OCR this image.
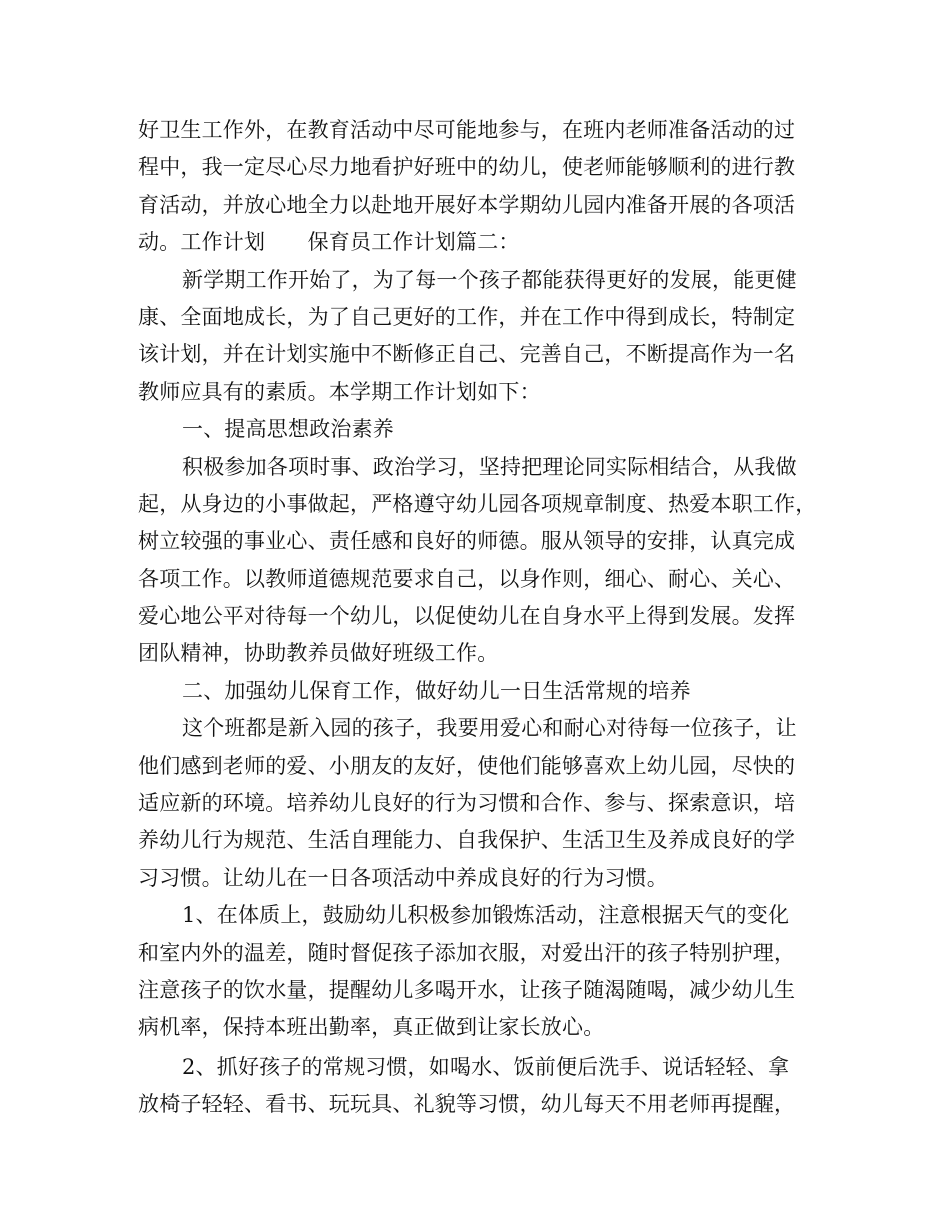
好卫生工作外，在教育活动中尽可能地参与，在班内老师准备活动的过
程中，我一定尽心尽力地看护好班中的幼儿，使老师能够顺利的进行教
育活动，并放心地全力以赴地开展好本学期幼儿园内准备开展的各项活
动。工作计划　　保育员工作计划篇二：
新学期工作开始了，为了每一个孩子都能获得更好的发展，能更健
康、全面地成长，为了自己更好的工作，并在工作中得到成长，特制定
该计划，并在计划实施中不断修正自己、完善自己，不断提高作为一名
教师应具有的素质。本学期工作计划如下：
一、提高思想政治素养
积极参加各项时事、政治学习，坚持把理论同实际相结合，从我做
起，从身边的小事做起，严格遵守幼儿园各项规章制度、热爱本职工作，
树立较强的事业心、责任感和良好的师德。服从领导的安排，认真完成
各项工作。以教师道德规范要求自己，以身作则，细心、耐心、关心、
爱心地公平对待每一个幼儿，以促使幼儿在自身水平上得到发展。发挥
团队精神，协助教养员做好班级工作。
二、加强幼儿保育工作，做好幼儿一日生活常规的培养
这个班都是新入园的孩子，我要用爱心和耐心对待每一位孩子，让
他们感到老师的爱、小朋友的友好，使他们能够喜欢上幼儿园，尽快的
适应新的环境。培养幼儿良好的行为习惯和合作、参与、探索意识，培
养幼儿行为规范、生活自理能力、自我保护、生活卫生及养成良好的学
习习惯。让幼儿在一日各项活动中养成良好的行为习惯。
1、在体质上，鼓励幼儿积极参加锻炼活动，注意根据天气的变化
和室内外的温差，随时督促孩子添加衣服，对爱出汗的孩子特别护理，
注意孩子的饮水量，提醒幼儿多喝开水，让孩子随渴随喝，减少幼儿生
病机率，保持本班出勤率，真正做到让家长放心。
2、抓好孩子的常规习惯，如喝水、饭前便后洗手、说话轻轻、拿
放椅子轻轻、看书、玩玩具、礼貌等习惯，幼儿每天不用老师再提醒，
